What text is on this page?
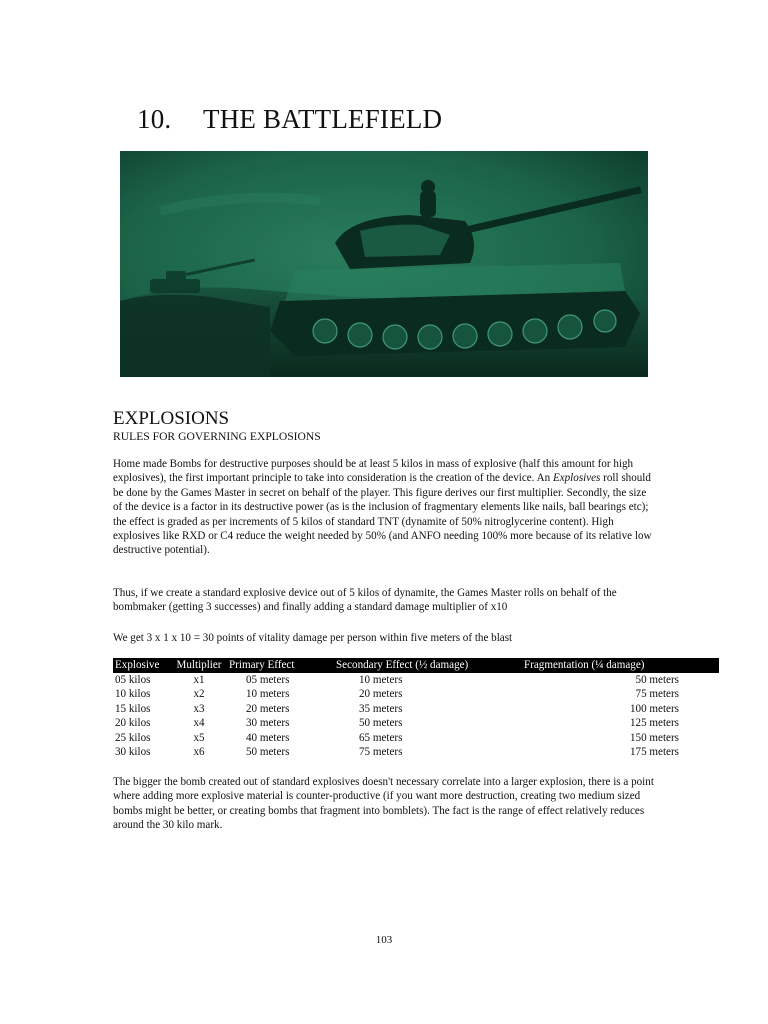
10. THE BATTLEFIELD
EXPLOSIONS
RULES FOR GOVERNING EXPLOSIONS

Home made Bombs for destructive purposes should be at least 5 kilos in mass of explosive (half this amount for high explosives), the first important principle to take into consideration is the creation of the device. An Explosives roll should be done by the Games Master in secret on behalf of the player. This figure derives our first multiplier. Secondly, the size of the device is a factor in its destructive power (as is the inclusion of fragmentary elements like nails, ball bearings etc); the effect is graded as per increments of 5 kilos of standard TNT (dynamite of 50% nitroglycerine content). High explosives like RXD or C4 reduce the weight needed by 50% (and ANFO needing 100% more because of its relative low destructive potential).

Thus, if we create a standard explosive device out of 5 kilos of dynamite, the Games Master rolls on behalf of the bombmaker (getting 3 successes) and finally adding a standard damage multiplier of x10

We get 3 x 1 x 10 = 30 points of vitality damage per person within five meters of the blast

Explosive	Multiplier	Primary Effect	Secondary Effect (½ damage)	Fragmentation (¼ damage)
05 kilos	x1	05 meters	10 meters	50 meters
10 kilos	x2	10 meters	20 meters	75 meters
15 kilos	x3	20 meters	35 meters	100 meters
20 kilos	x4	30 meters	50 meters	125 meters
25 kilos	x5	40 meters	65 meters	150 meters
30 kilos	x6	50 meters	75 meters	175 meters

The bigger the bomb created out of standard explosives doesn't necessary correlate into a larger explosion, there is a point where adding more explosive material is counter-productive (if you want more destruction, creating two medium sized bombs might be better, or creating bombs that fragment into bomblets). The fact is the range of effect relatively reduces around the 30 kilo mark.

103
